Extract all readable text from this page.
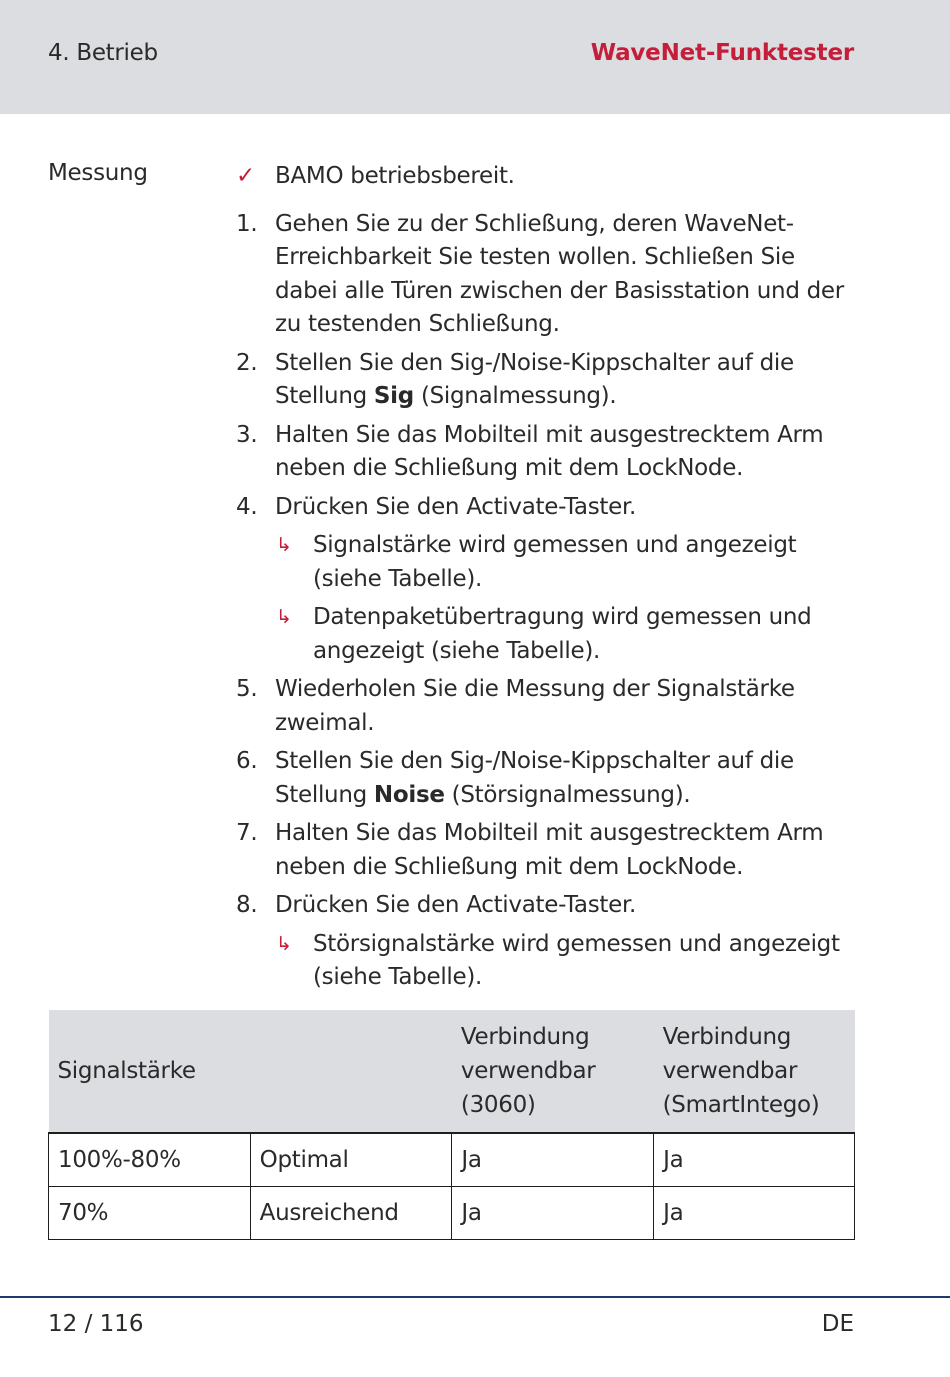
4. Betrieb	WaveNet-Funktester
Messung	✓ BAMO betriebsbereit.
1. Gehen Sie zu der Schließung, deren WaveNet-Erreichbarkeit Sie testen wollen. Schließen Sie dabei alle Türen zwischen der Basisstation und der zu testenden Schließung.
2. Stellen Sie den Sig-/Noise-Kippschalter auf die Stellung Sig (Signalmessung).
3. Halten Sie das Mobilteil mit ausgestrecktem Arm neben die Schließung mit dem LockNode.
4. Drücken Sie den Activate-Taster.
↳ Signalstärke wird gemessen und angezeigt (siehe Tabelle).
↳ Datenpaketübertragung wird gemessen und angezeigt (siehe Tabelle).
5. Wiederholen Sie die Messung der Signalstärke zweimal.
6. Stellen Sie den Sig-/Noise-Kippschalter auf die Stellung Noise (Störsignalmessung).
7. Halten Sie das Mobilteil mit ausgestrecktem Arm neben die Schließung mit dem LockNode.
8. Drücken Sie den Activate-Taster.
↳ Störsignalstärke wird gemessen und angezeigt (siehe Tabelle).
Signalstärke		Verbindung verwendbar (3060)	Verbindung verwendbar (SmartIntego)
100%-80%	Optimal	Ja	Ja
70%	Ausreichend	Ja	Ja
12 / 116	DE
